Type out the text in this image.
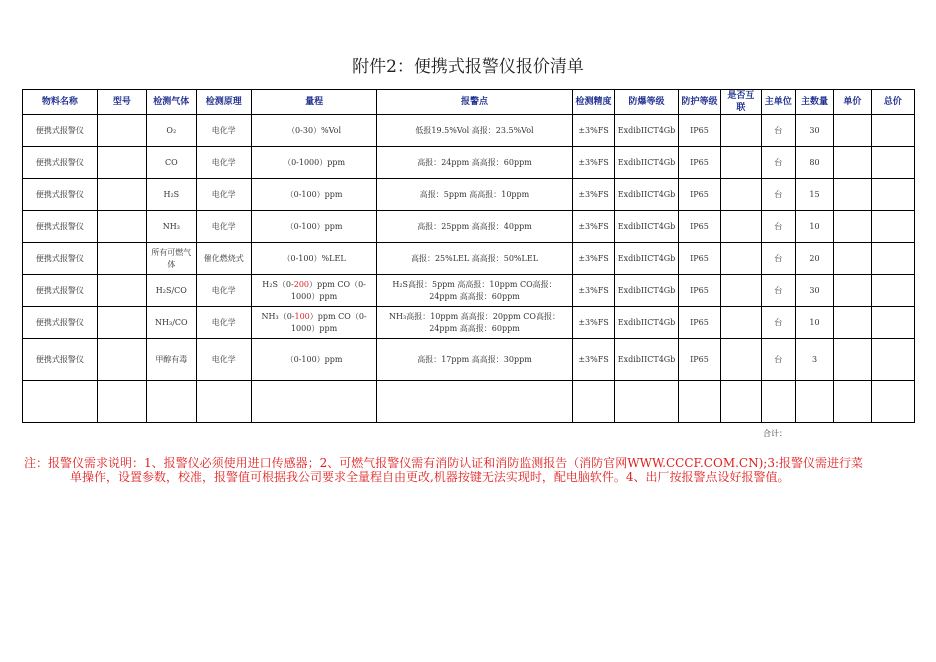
附件2：便携式报警仪报价清单
物料名称	型号	检测气体	检测原理	量程	报警点	检测精度	防爆等级	防护等级	是否互联	主单位	主数量	单价	总价
便携式报警仪		O₂	电化学	（0-30）%Vol	低报19.5%Vol 高报：23.5%Vol	±3%FS	ExdibIICT4Gb	IP65		台	30		
便携式报警仪		CO	电化学	（0-1000）ppm	高报：24ppm 高高报：60ppm	±3%FS	ExdibIICT4Gb	IP65		台	80		
便携式报警仪		H₂S	电化学	（0-100）ppm	高报：5ppm 高高报：10ppm	±3%FS	ExdibIICT4Gb	IP65		台	15		
便携式报警仪		NH₃	电化学	（0-100）ppm	高报：25ppm 高高报：40ppm	±3%FS	ExdibIICT4Gb	IP65		台	10		
便携式报警仪		所有可燃气体	催化燃烧式	（0-100）%LEL	高报：25%LEL 高高报：50%LEL	±3%FS	ExdibIICT4Gb	IP65		台	20		
便携式报警仪		H₂S/CO	电化学	H₂S（0-200）ppm CO（0-1000）ppm	H₂S高报：5ppm 高高报：10ppm CO高报：24ppm 高高报：60ppm	±3%FS	ExdibIICT4Gb	IP65		台	30		
便携式报警仪		NH₃/CO	电化学	NH₃（0-100）ppm CO（0-1000）ppm	NH₃高报：10ppm 高高报：20ppm CO高报：24ppm 高高报：60ppm	±3%FS	ExdibIICT4Gb	IP65		台	10		
便携式报警仪		甲醇有毒	电化学	（0-100）ppm	高报：17ppm 高高报：30ppm	±3%FS	ExdibIICT4Gb	IP65		台	3		

合计：
注：报警仪需求说明：1、报警仪必须使用进口传感器；2、可燃气报警仪需有消防认证和消防监测报告（消防官网WWW.CCCF.COM.CN);3:报警仪需进行菜
单操作，设置参数，校准，报警值可根据我公司要求全量程自由更改,机器按键无法实现时，配电脑软件。4、出厂按报警点设好报警值。
